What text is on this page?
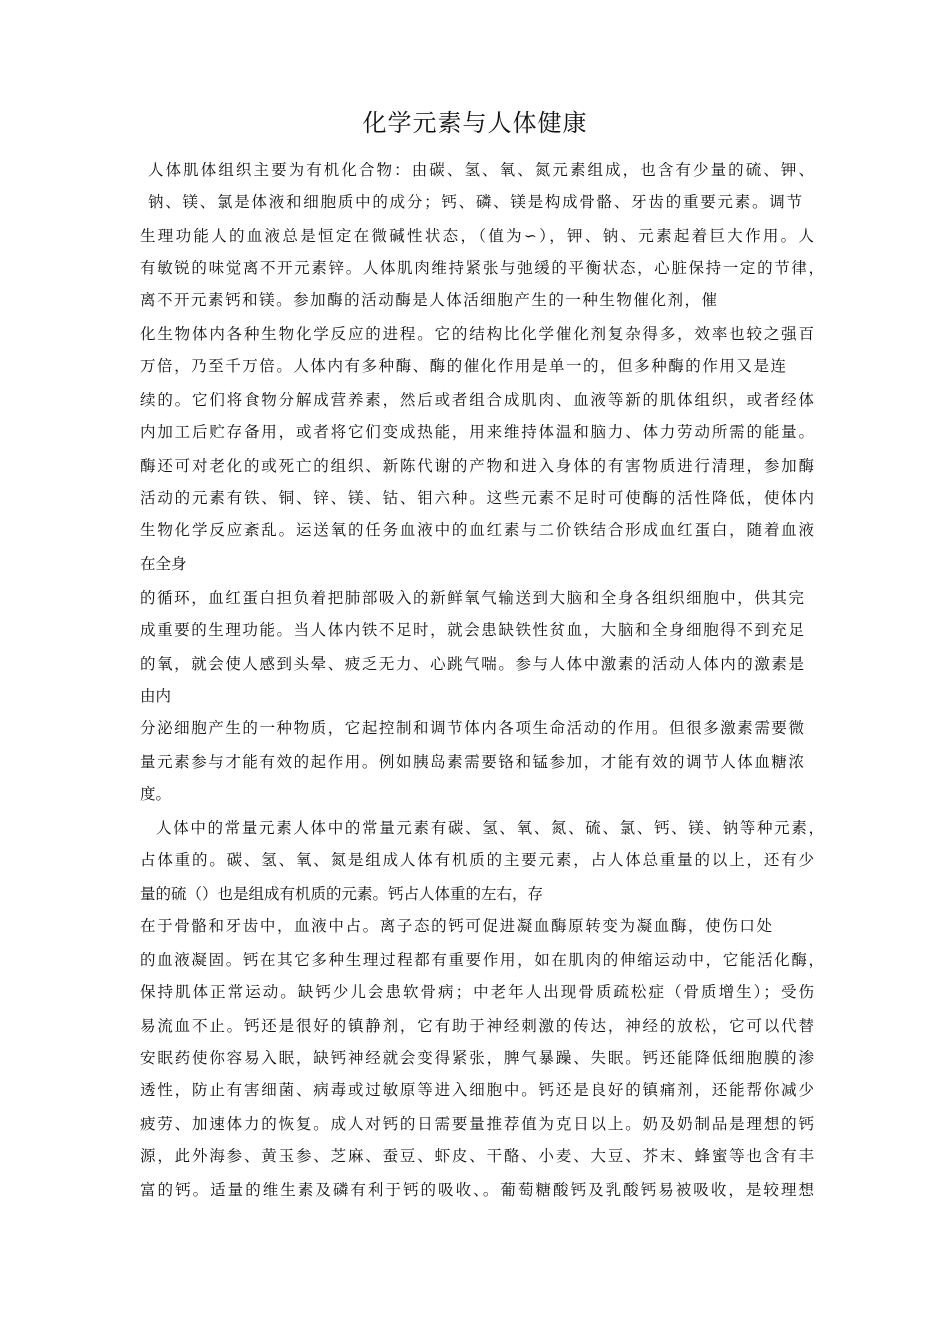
化学元素与人体健康
人体肌体组织主要为有机化合物：由碳、氢、氧、氮元素组成，也含有少量的硫、钾、
钠、镁、氯是体液和细胞质中的成分；钙、磷、镁是构成骨骼、牙齿的重要元素。调节
生理功能人的血液总是恒定在微碱性状态，（值为∽），钾、钠、元素起着巨大作用。人
有敏锐的味觉离不开元素锌。人体肌肉维持紧张与弛缓的平衡状态，心脏保持一定的节律，
离不开元素钙和镁。参加酶的活动酶是人体活细胞产生的一种生物催化剂，催
化生物体内各种生物化学反应的进程。它的结构比化学催化剂复杂得多，效率也较之强百
万倍，乃至千万倍。人体内有多种酶、酶的催化作用是单一的，但多种酶的作用又是连
续的。它们将食物分解成营养素，然后或者组合成肌肉、血液等新的肌体组织，或者经体
内加工后贮存备用，或者将它们变成热能，用来维持体温和脑力、体力劳动所需的能量。
酶还可对老化的或死亡的组织、新陈代谢的产物和进入身体的有害物质进行清理，参加酶
活动的元素有铁、铜、锌、镁、钴、钼六种。这些元素不足时可使酶的活性降低，使体内
生物化学反应紊乱。运送氧的任务血液中的血红素与二价铁结合形成血红蛋白，随着血液
在全身
的循环，血红蛋白担负着把肺部吸入的新鲜氧气输送到大脑和全身各组织细胞中，供其完
成重要的生理功能。当人体内铁不足时，就会患缺铁性贫血，大脑和全身细胞得不到充足
的氧，就会使人感到头晕、疲乏无力、心跳气喘。参与人体中激素的活动人体内的激素是
由内
分泌细胞产生的一种物质，它起控制和调节体内各项生命活动的作用。但很多激素需要微
量元素参与才能有效的起作用。例如胰岛素需要铬和锰参加，才能有效的调节人体血糖浓
度。
人体中的常量元素人体中的常量元素有碳、氢、氧、氮、硫、氯、钙、镁、钠等种元素，
占体重的。碳、氢、氧、氮是组成人体有机质的主要元素，占人体总重量的以上，还有少
量的硫（）也是组成有机质的元素。钙占人体重的左右，存
在于骨骼和牙齿中，血液中占。离子态的钙可促进凝血酶原转变为凝血酶，使伤口处
的血液凝固。钙在其它多种生理过程都有重要作用，如在肌肉的伸缩运动中，它能活化酶，
保持肌体正常运动。缺钙少儿会患软骨病；中老年人出现骨质疏松症（骨质增生）；受伤
易流血不止。钙还是很好的镇静剂，它有助于神经刺激的传达，神经的放松，它可以代替
安眠药使你容易入眠，缺钙神经就会变得紧张，脾气暴躁、失眠。钙还能降低细胞膜的渗
透性，防止有害细菌、病毒或过敏原等进入细胞中。钙还是良好的镇痛剂，还能帮你减少
疲劳、加速体力的恢复。成人对钙的日需要量推荐值为克日以上。奶及奶制品是理想的钙
源，此外海参、黄玉参、芝麻、蚕豆、虾皮、干酪、小麦、大豆、芥末、蜂蜜等也含有丰
富的钙。适量的维生素及磷有利于钙的吸收、。葡萄糖酸钙及乳酸钙易被吸收，是较理想
